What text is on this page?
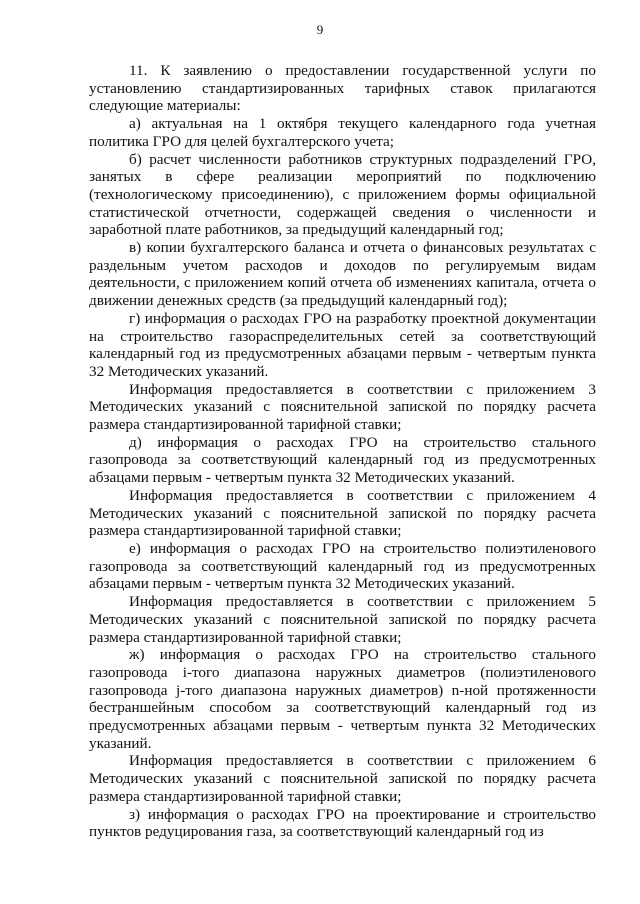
9

11. К заявлению о предоставлении государственной услуги по установлению стандартизированных тарифных ставок прилагаются следующие материалы:

а) актуальная на 1 октября текущего календарного года учетная политика ГРО для целей бухгалтерского учета;

б) расчет численности работников структурных подразделений ГРО, занятых в сфере реализации мероприятий по подключению (технологическому присоединению), с приложением формы официальной статистической отчетности, содержащей сведения о численности и заработной плате работников, за предыдущий календарный год;

в) копии бухгалтерского баланса и отчета о финансовых результатах с раздельным учетом расходов и доходов по регулируемым видам деятельности, с приложением копий отчета об изменениях капитала, отчета о движении денежных средств (за предыдущий календарный год);

г) информация о расходах ГРО на разработку проектной документации на строительство газораспределительных сетей за соответствующий календарный год из предусмотренных абзацами первым - четвертым пункта 32 Методических указаний.

Информация предоставляется в соответствии с приложением 3 Методических указаний с пояснительной запиской по порядку расчета размера стандартизированной тарифной ставки;

д) информация о расходах ГРО на строительство стального газопровода за соответствующий календарный год из предусмотренных абзацами первым - четвертым пункта 32 Методических указаний.

Информация предоставляется в соответствии с приложением 4 Методических указаний с пояснительной запиской по порядку расчета размера стандартизированной тарифной ставки;

е) информация о расходах ГРО на строительство полиэтиленового газопровода за соответствующий календарный год из предусмотренных абзацами первым - четвертым пункта 32 Методических указаний.

Информация предоставляется в соответствии с приложением 5 Методических указаний с пояснительной запиской по порядку расчета размера стандартизированной тарифной ставки;

ж) информация о расходах ГРО на строительство стального газопровода i-того диапазона наружных диаметров (полиэтиленового газопровода j-того диапазона наружных диаметров) n-ной протяженности бестраншейным способом за соответствующий календарный год из предусмотренных абзацами первым - четвертым пункта 32 Методических указаний.

Информация предоставляется в соответствии с приложением 6 Методических указаний с пояснительной запиской по порядку расчета размера стандартизированной тарифной ставки;

з) информация о расходах ГРО на проектирование и строительство пунктов редуцирования газа, за соответствующий календарный год из
